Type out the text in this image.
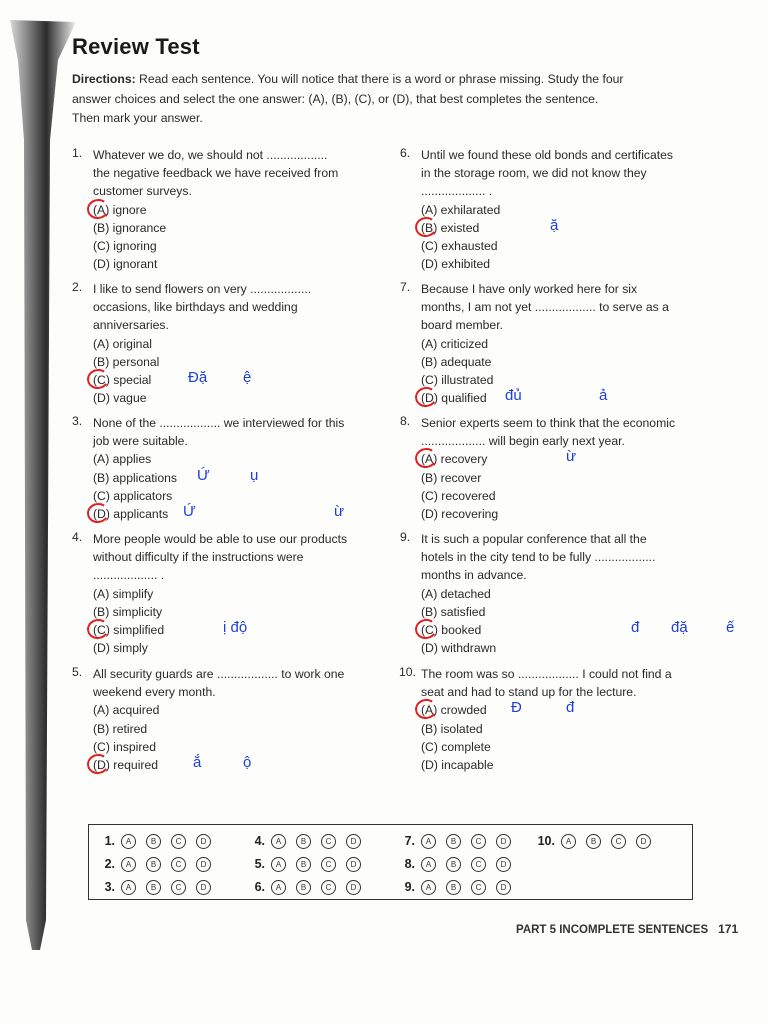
Review Test
Directions: Read each sentence. You will notice that there is a word or phrase missing. Study the four
answer choices and select the one answer: (A), (B), (C), or (D), that best completes the sentence.
Then mark your answer.
1. Whatever we do, we should not ..................
the negative feedback we have received from
customer surveys.
(A) ignore
(B) ignorance
(C) ignoring
(D) ignorant
2. I like to send flowers on very ..................
occasions, like birthdays and wedding
anniversaries.
(A) original
(B) personal
(C) special
(D) vague
Đặ ệ
3. None of the .................. we interviewed for this
job were suitable.
(A) applies
(B) applications
(C) applicators
(D) applicants
Ứ	ụ
Ứ	ừ
4. More people would be able to use our products
without difficulty if the instructions were
................... .
(A) simplify
(B) simplicity
(C) simplified
(D) simply
ị độ
5. All security guards are .................. to work one
weekend every month.
(A) acquired
(B) retired
(C) inspired
(D) required	ắ	ộ
6. Until we found these old bonds and certificates
in the storage room, we did not know they
................... .
(A) exhilarated
(B) existed
(C) exhausted
(D) exhibited
ặ
7. Because I have only worked here for six
months, I am not yet .................. to serve as a
board member.
(A) criticized
(B) adequate
(C) illustrated
(D) qualified	đủ	ả
8. Senior experts seem to think that the economic
................... will begin early next year.
(A) recovery
(B) recover
(C) recovered
(D) recovering
ừ
9. It is such a popular conference that all the
hotels in the city tend to be fully ..................
months in advance.
(A) detached
(B) satisfied
(C) booked
(D) withdrawn
đ đặ	ế
10. The room was so .................. I could not find a
seat and had to stand up for the lecture.
(A) crowded
(B) isolated
(C) complete
(D) incapable
Đ	đ
1.	A	B	C	D	4.	A	B	C	D	7.	A	B	C	D	10.	A	B	C	D
2.	A	B	C	D	5.	A	B	C	D	8.	A	B	C	D
3.	A	B	C	D	6.	A	B	C	D	9.	A	B	C	D
PART 5 INCOMPLETE SENTENCES 171
